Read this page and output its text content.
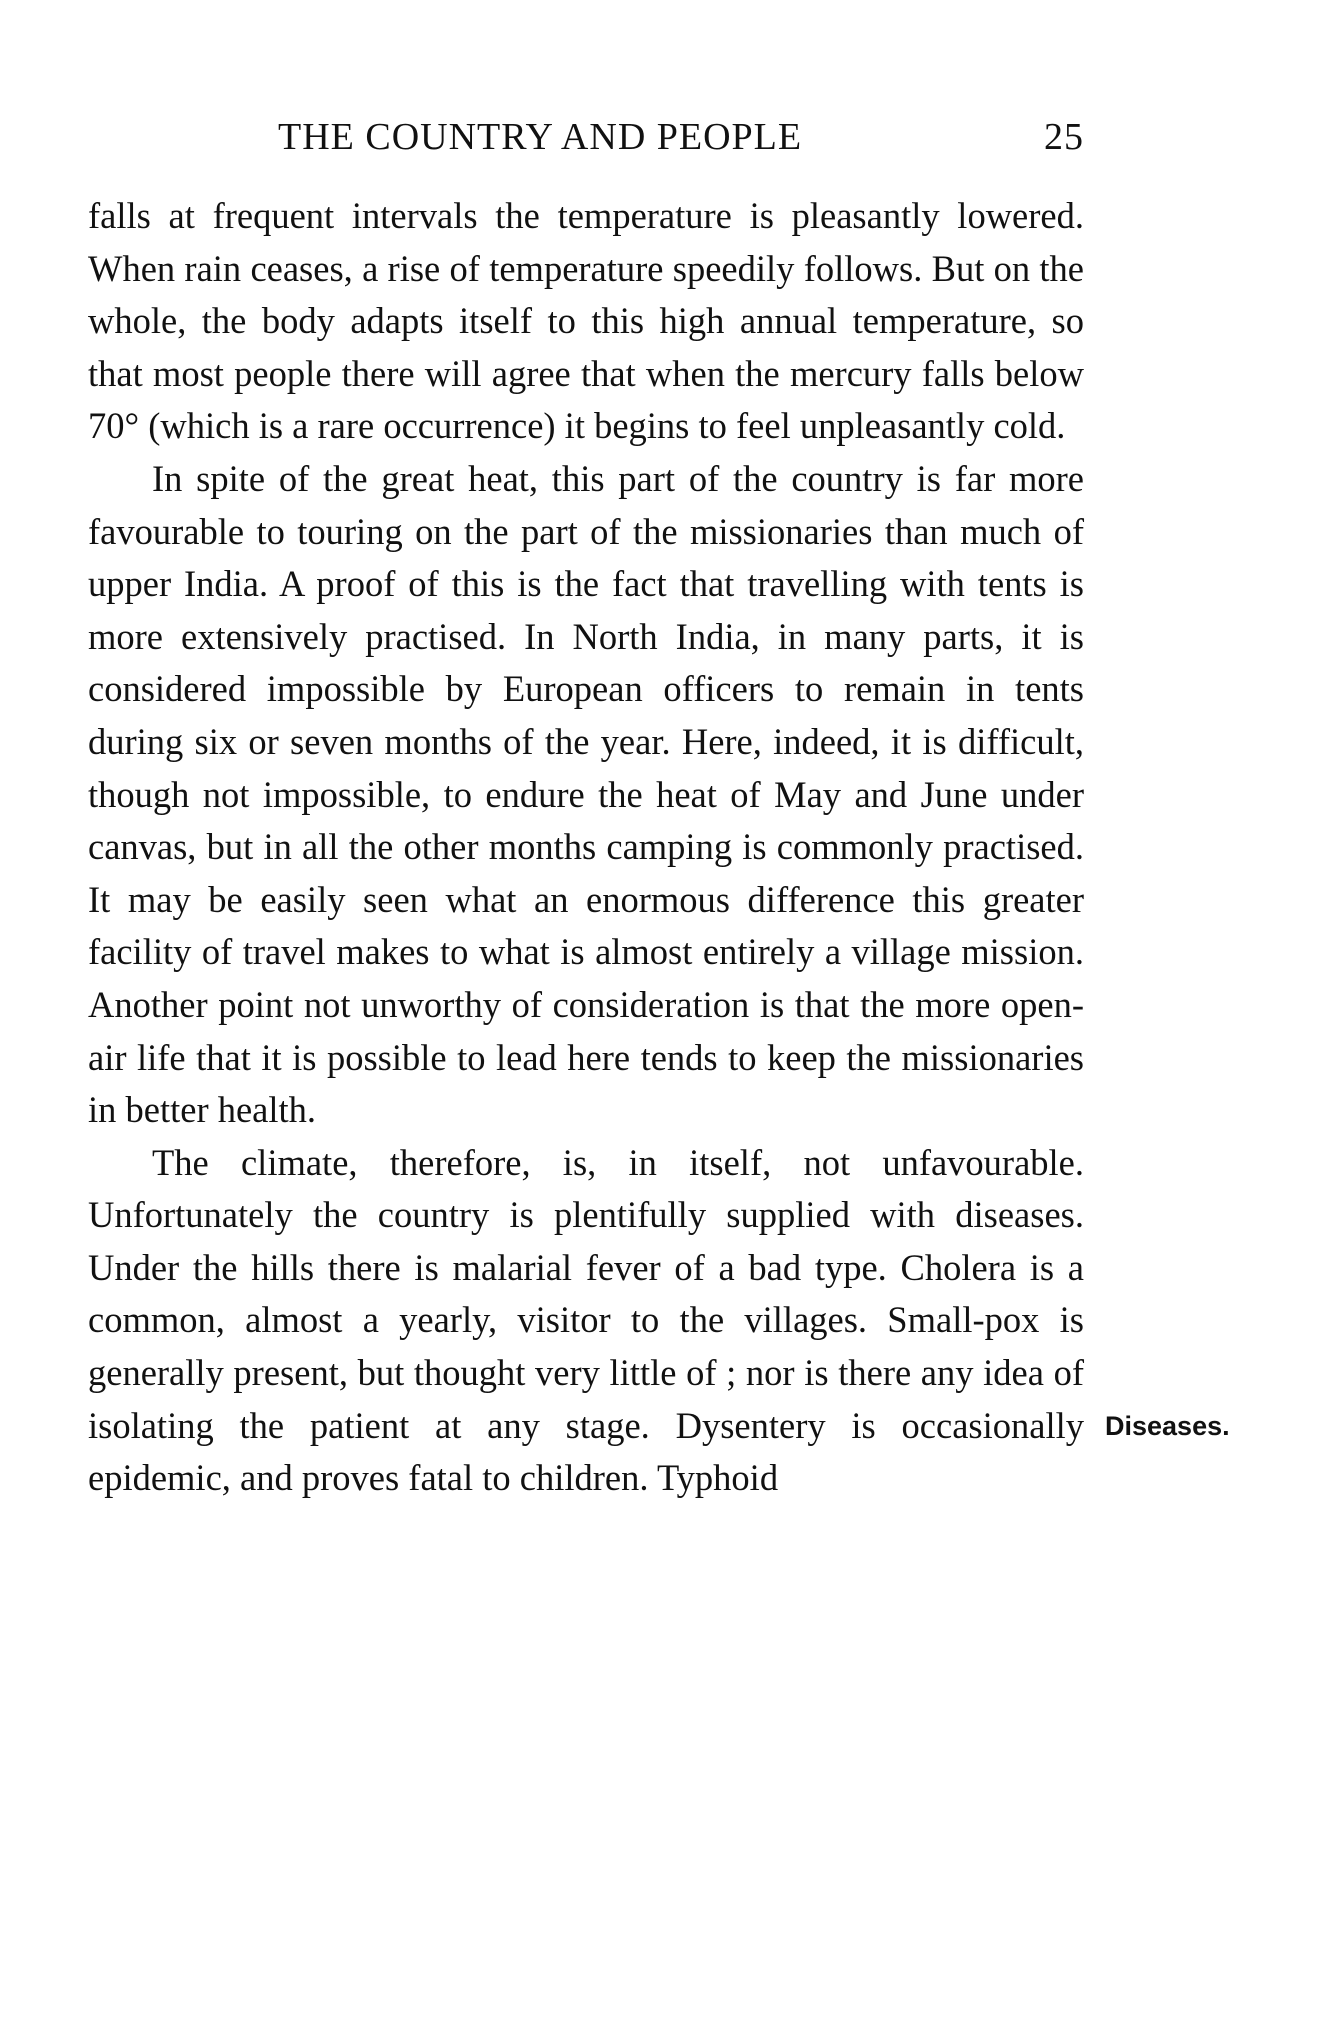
THE COUNTRY AND PEOPLE	25

falls at frequent intervals the temperature is pleasantly lowered. When rain ceases, a rise of temperature speedily follows. But on the whole, the body adapts itself to this high annual temperature, so that most people there will agree that when the mercury falls below 70° (which is a rare occurrence) it begins to feel unpleasantly cold.

In spite of the great heat, this part of the country is far more favourable to touring on the part of the missionaries than much of upper India. A proof of this is the fact that travelling with tents is more extensively practised. In North India, in many parts, it is considered impossible by European officers to remain in tents during six or seven months of the year. Here, indeed, it is difficult, though not impossible, to endure the heat of May and June under canvas, but in all the other months camping is commonly practised. It may be easily seen what an enormous difference this greater facility of travel makes to what is almost entirely a village mission. Another point not unworthy of consideration is that the more open-air life that it is possible to lead here tends to keep the missionaries in better health.

The climate, therefore, is, in itself, not unfavourable. Unfortunately the country is plentifully supplied with diseases. Under the hills there is malarial fever of a bad type. Cholera is a common, almost a yearly, visitor to the villages. Small-pox is generally present, but thought very little of ; nor is there any idea of isolating the patient at any stage. Dysentery is occasionally epidemic, and proves fatal to children. Typhoid

Diseases.
